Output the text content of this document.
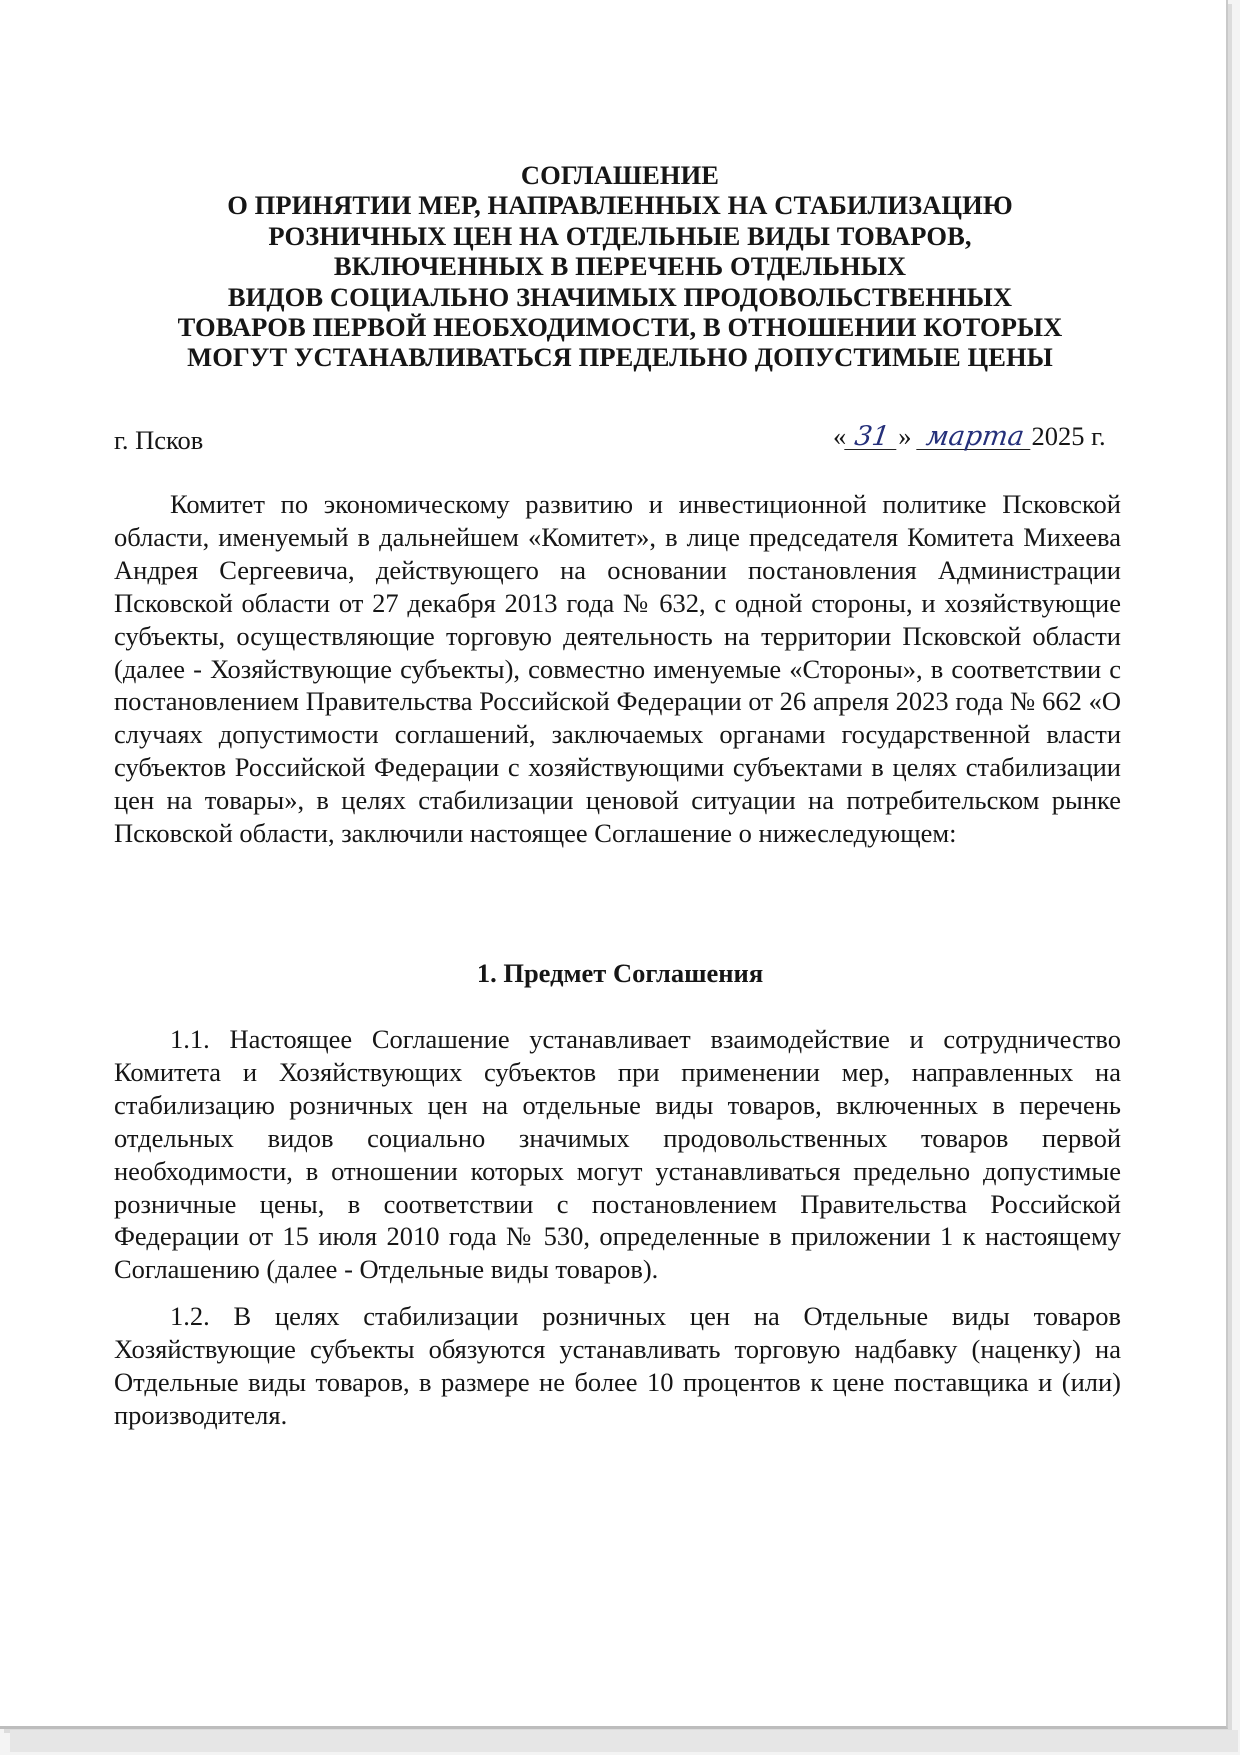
СОГЛАШЕНИЕ
О ПРИНЯТИИ МЕР, НАПРАВЛЕННЫХ НА СТАБИЛИЗАЦИЮ
РОЗНИЧНЫХ ЦЕН НА ОТДЕЛЬНЫЕ ВИДЫ ТОВАРОВ,
ВКЛЮЧЕННЫХ В ПЕРЕЧЕНЬ ОТДЕЛЬНЫХ
ВИДОВ СОЦИАЛЬНО ЗНАЧИМЫХ ПРОДОВОЛЬСТВЕННЫХ
ТОВАРОВ ПЕРВОЙ НЕОБХОДИМОСТИ, В ОТНОШЕНИИ КОТОРЫХ
МОГУТ УСТАНАВЛИВАТЬСЯ ПРЕДЕЛЬНО ДОПУСТИМЫЕ ЦЕНЫ
г. Псков	« 31 » марта 2025 г.

Комитет по экономическому развитию и инвестиционной политике Псковской области, именуемый в дальнейшем «Комитет», в лице председателя Комитета Михеева Андрея Сергеевича, действующего на основании постановления Администрации Псковской области от 27 декабря 2013 года № 632, с одной стороны, и хозяйствующие субъекты, осуществляющие торговую деятельность на территории Псковской области (далее - Хозяйствующие субъекты), совместно именуемые «Стороны», в соответствии с постановлением Правительства Российской Федерации от 26 апреля 2023 года № 662 «О случаях допустимости соглашений, заключаемых органами государственной власти субъектов Российской Федерации с хозяйствующими субъектами в целях стабилизации цен на товары», в целях стабилизации ценовой ситуации на потребительском рынке Псковской области, заключили настоящее Соглашение о нижеследующем:

1. Предмет Соглашения

1.1. Настоящее Соглашение устанавливает взаимодействие и сотрудничество Комитета и Хозяйствующих субъектов при применении мер, направленных на стабилизацию розничных цен на отдельные виды товаров, включенных в перечень отдельных видов социально значимых продовольственных товаров первой необходимости, в отношении которых могут устанавливаться предельно допустимые розничные цены, в соответствии с постановлением Правительства Российской Федерации от 15 июля 2010 года № 530, определенные в приложении 1 к настоящему Соглашению (далее - Отдельные виды товаров).

1.2. В целях стабилизации розничных цен на Отдельные виды товаров Хозяйствующие субъекты обязуются устанавливать торговую надбавку (наценку) на Отдельные виды товаров, в размере не более 10 процентов к цене поставщика и (или) производителя.
